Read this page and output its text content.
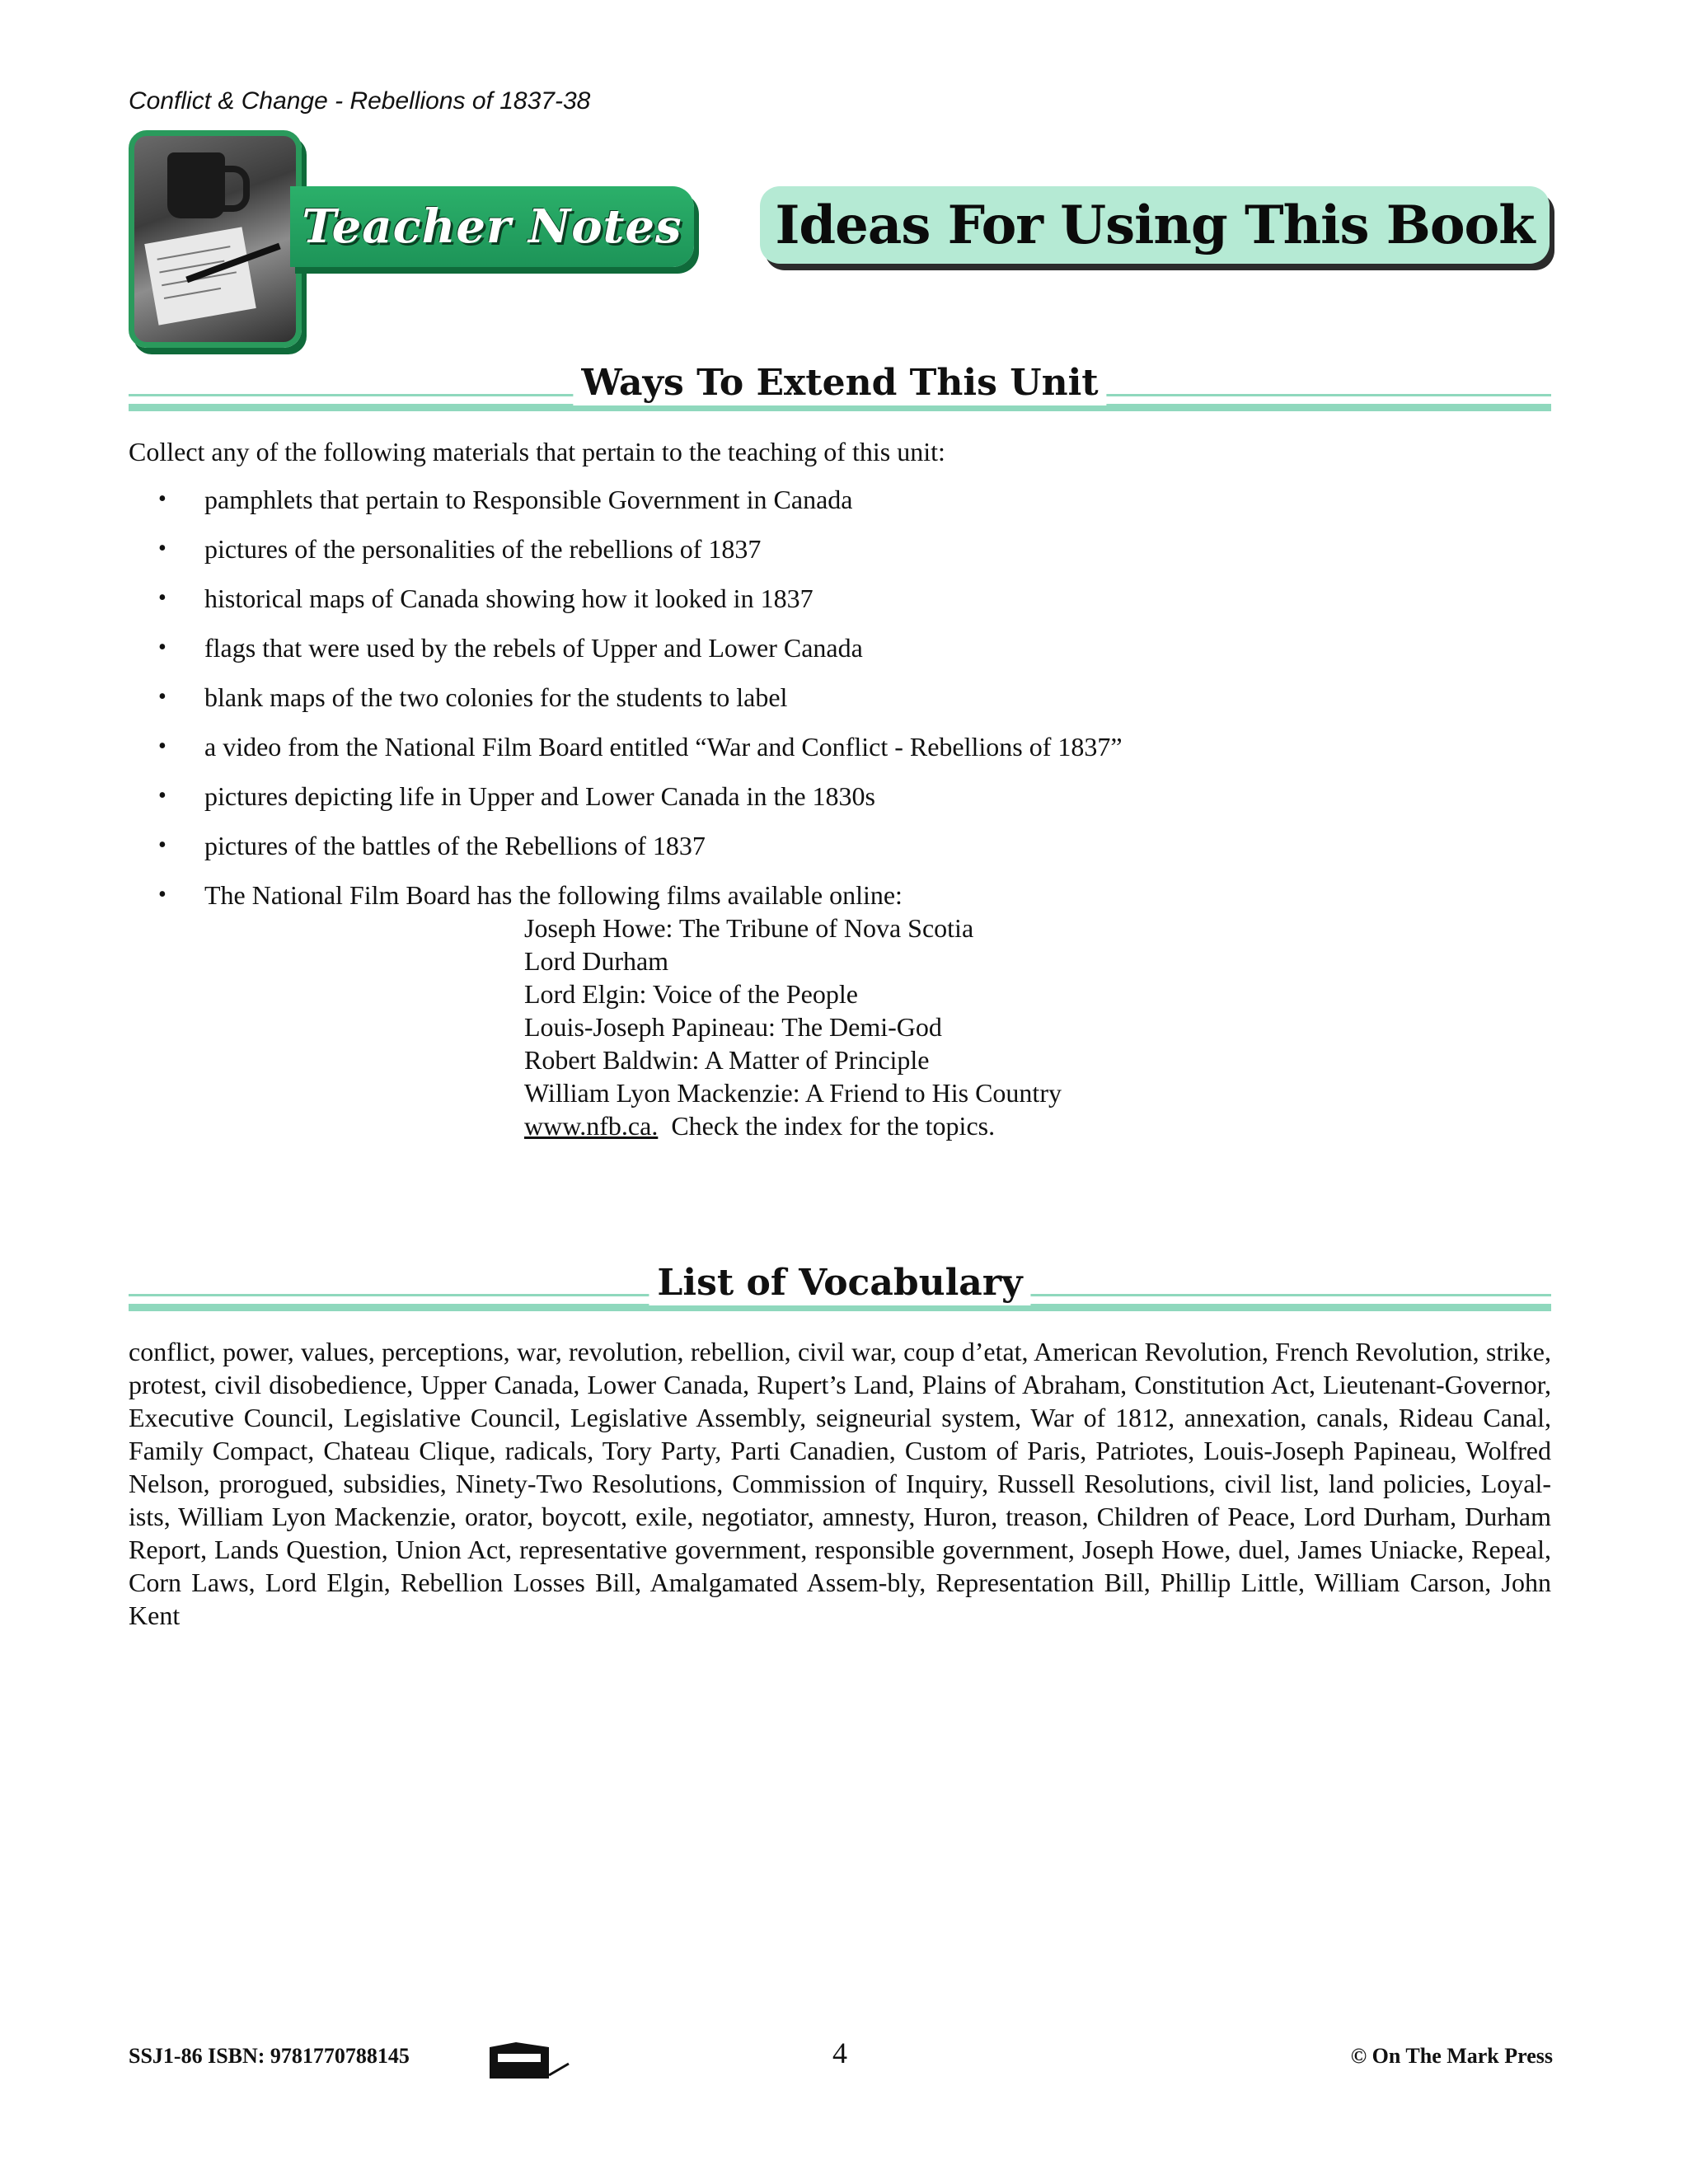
Conflict & Change - Rebellions of 1837-38
Teacher Notes Ideas For Using This Book
Ways To Extend This Unit
Collect any of the following materials that pertain to the teaching of this unit:
• pamphlets that pertain to Responsible Government in Canada
• pictures of the personalities of the rebellions of 1837
• historical maps of Canada showing how it looked in 1837
• flags that were used by the rebels of Upper and Lower Canada
• blank maps of the two colonies for the students to label
• a video from the National Film Board entitled “War and Conflict - Rebellions of 1837”
• pictures depicting life in Upper and Lower Canada in the 1830s
• pictures of the battles of the Rebellions of 1837
• The National Film Board has the following films available online:
Joseph Howe: The Tribune of Nova Scotia
Lord Durham
Lord Elgin: Voice of the People
Louis-Joseph Papineau: The Demi-God
Robert Baldwin: A Matter of Principle
William Lyon Mackenzie: A Friend to His Country
www.nfb.ca. Check the index for the topics.
List of Vocabulary
conflict, power, values, perceptions, war, revolution, rebellion, civil war, coup d’etat, American Revolution, French Revolution, strike, protest, civil disobedience, Upper Canada, Lower Canada, Rupert’s Land, Plains of Abraham, Constitution Act, Lieutenant-Governor, Executive Council, Legislative Council, Legislative Assembly, seigneurial system, War of 1812, annexation, canals, Rideau Canal, Family Compact, Chateau Clique, radicals, Tory Party, Parti Canadien, Custom of Paris, Patriotes, Louis-Joseph Papineau, Wolfred Nelson, prorogued, subsidies, Ninety-Two Resolutions, Commission of Inquiry, Russell Resolutions, civil list, land policies, Loyal-ists, William Lyon Mackenzie, orator, boycott, exile, negotiator, amnesty, Huron, treason, Children of Peace, Lord Durham, Durham Report, Lands Question, Union Act, representative government, responsible government, Joseph Howe, duel, James Uniacke, Repeal, Corn Laws, Lord Elgin, Rebellion Losses Bill, Amalgamated Assem-bly, Representation Bill, Phillip Little, William Carson, John Kent
SSJ1-86 ISBN: 9781770788145	4	© On The Mark Press
